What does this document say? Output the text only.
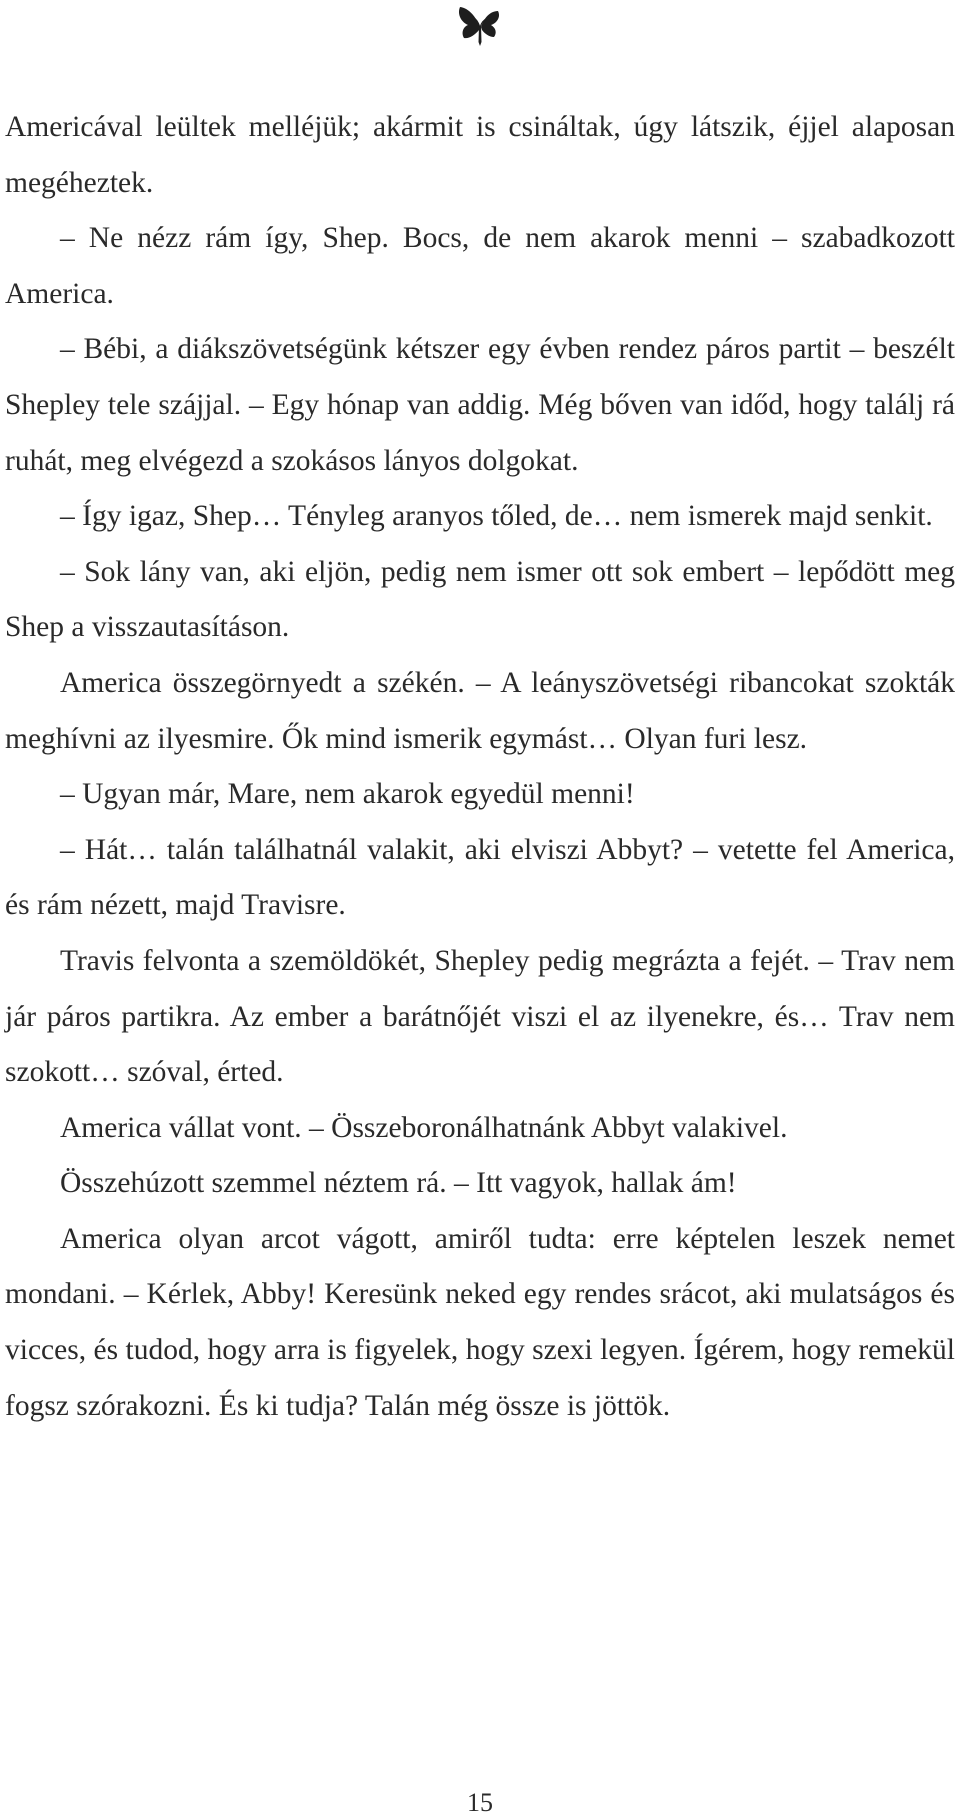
Americával leültek melléjük; akármit is csináltak, úgy látszik, éjjel alaposan megéheztek.

– Ne nézz rám így, Shep. Bocs, de nem akarok menni – szabadkozott America.

– Bébi, a diákszövetségünk kétszer egy évben rendez páros partit – beszélt Shepley tele szájjal. – Egy hónap van addig. Még bőven van időd, hogy találj rá ruhát, meg elvégezd a szokásos lányos dolgokat.

– Így igaz, Shep… Tényleg aranyos tőled, de… nem ismerek majd senkit.

– Sok lány van, aki eljön, pedig nem ismer ott sok embert – lepődött meg Shep a visszautasításon.

America összegörnyedt a székén. – A leányszövetségi ribancokat szokták meghívni az ilyesmire. Ők mind ismerik egymást… Olyan furi lesz.

– Ugyan már, Mare, nem akarok egyedül menni!

– Hát… talán találhatnál valakit, aki elviszi Abbyt? – vetette fel America, és rám nézett, majd Travisre.

Travis felvonta a szemöldökét, Shepley pedig megrázta a fejét. – Trav nem jár páros partikra. Az ember a barátnőjét viszi el az ilyenekre, és… Trav nem szokott… szóval, érted.

America vállat vont. – Összeboronálhatnánk Abbyt valakivel.

Összehúzott szemmel néztem rá. – Itt vagyok, hallak ám!

America olyan arcot vágott, amiről tudta: erre képtelen leszek nemet mondani. – Kérlek, Abby! Keresünk neked egy rendes srácot, aki mulatságos és vicces, és tudod, hogy arra is figyelek, hogy szexi legyen. Ígérem, hogy remekül fogsz szórakozni. És ki tudja? Talán még össze is jöttök.

15
